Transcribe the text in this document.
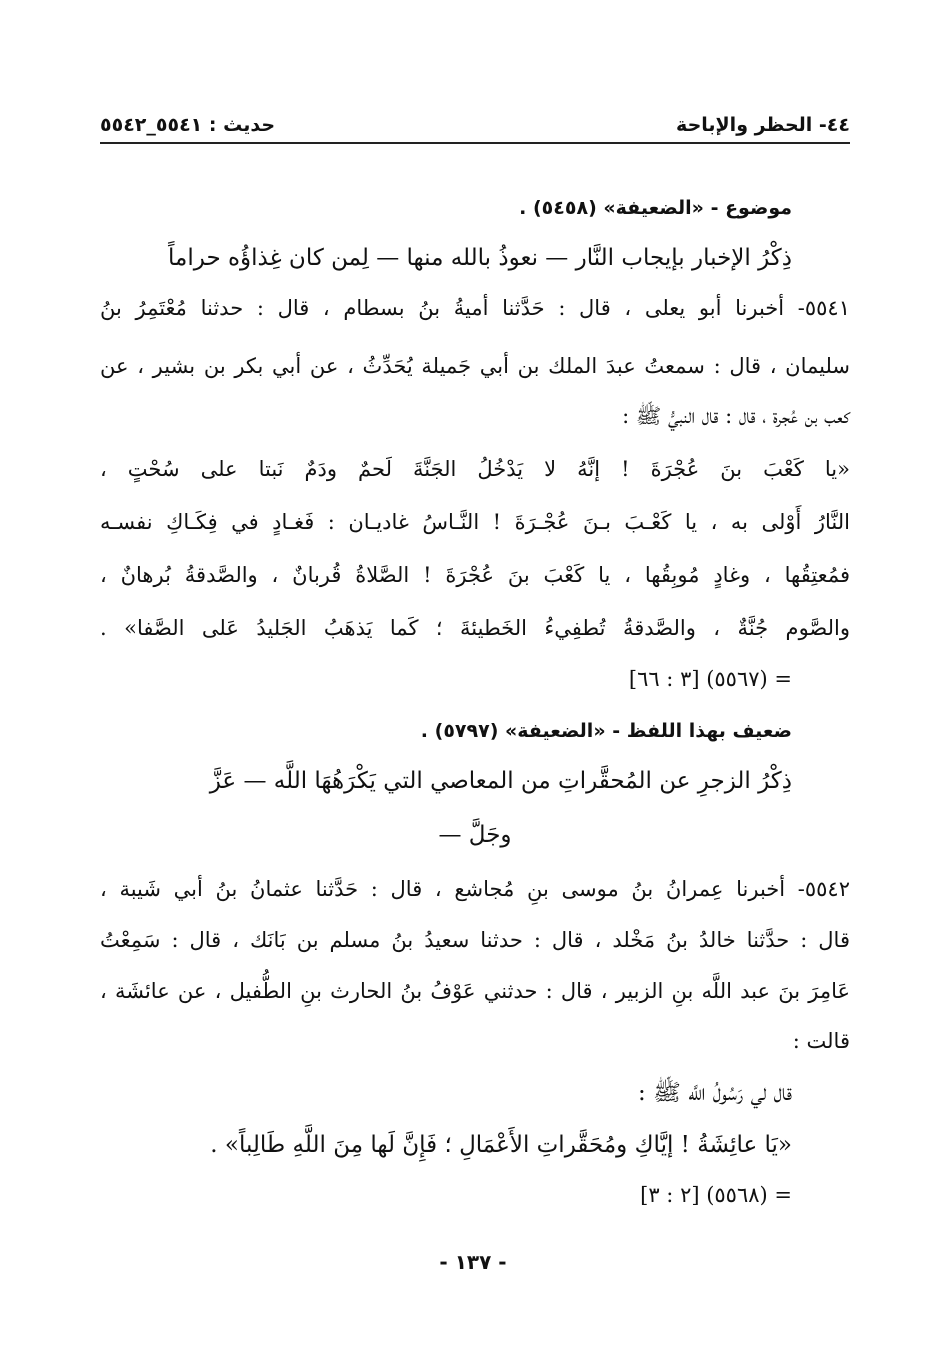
٤٤- الحظر والإباحة
حديث : ٥٥٤١_٥٥٤٢
موضوع - «الضعيفة» (٥٤٥٨) .
ذِكْرُ الإخبار بإيجاب النَّار — نعوذُ بالله منها — لِمن كان غِذاؤُه حراماً
٥٥٤١- أخبرنا أبو يعلى ، قال : حَدَّثنا أميةُ بنُ بسطام ، قال : حدثنا مُعْتَمِرُ بنُ
سليمان ، قال : سمعتُ عبدَ الملك بن أبي جَميلة يُحَدِّثُ ، عن أبي بكر بن بشير ، عن
كعب بن عُجرة ، قال : قال النبيُّ ﷺ :
«يا كَعْبَ بنَ عُجْرَةَ ! إنَّهُ لا يَدْخُلُ الجَنَّةَ لَحمٌ ودَمٌ نَبتا على سُحْتٍ ،
النَّارُ أَوْلى به ، يا كَعْـبَ بـنَ عُجْـرَةَ ! النَّـاسُ غاديـان : فَغـادٍ في فِكَـاكِ نفسـه
فمُعتِقُها ، وغادٍ مُوبِقُها ، يا كَعْبَ بنَ عُجْرَةَ ! الصَّلاةُ قُربانٌ ، والصَّدقةُ بُرهانٌ ،
والصَّوم جُنَّةٌ ، والصَّدقةُ تُطفِيءُ الخَطيئةَ ؛ كَما يَذهَبُ الجَليدُ عَلى الصَّفا» .
= (٥٥٦٧) [٣ : ٦٦]
ضعيف بهذا اللفظ - «الضعيفة» (٥٧٩٧) .
ذِكْرُ الزجرِ عن المُحقَّراتِ من المعاصي التي يَكْرَهُهَا اللَّه — عَزَّ
وجَلَّ —
٥٥٤٢- أخبرنا عِمرانُ بنُ موسى بنِ مُجاشع ، قال : حَدَّثنا عثمانُ بنُ أبي شَيبة ،
قال : حدَّثنا خالدُ بنُ مَخْلد ، قال : حدثنا سعيدُ بنُ مسلم بن بَانَك ، قال : سَمِعْتُ
عَامِرَ بنَ عبد اللَّه بنِ الزبير ، قال : حدثني عَوْفُ بنُ الحارث بنِ الطُّفيل ، عن عائشَة ،
قالت :
قال لي رَسُولُ اللَّه ﷺ :
«يَا عائِشَةُ ! إيَّاكِ ومُحَقَّراتِ الأَعْمَالِ ؛ فَإِنَّ لَها مِنَ اللَّهِ طَالِباً» .
= (٥٥٦٨) [٢ : ٣]
- ١٣٧ -
